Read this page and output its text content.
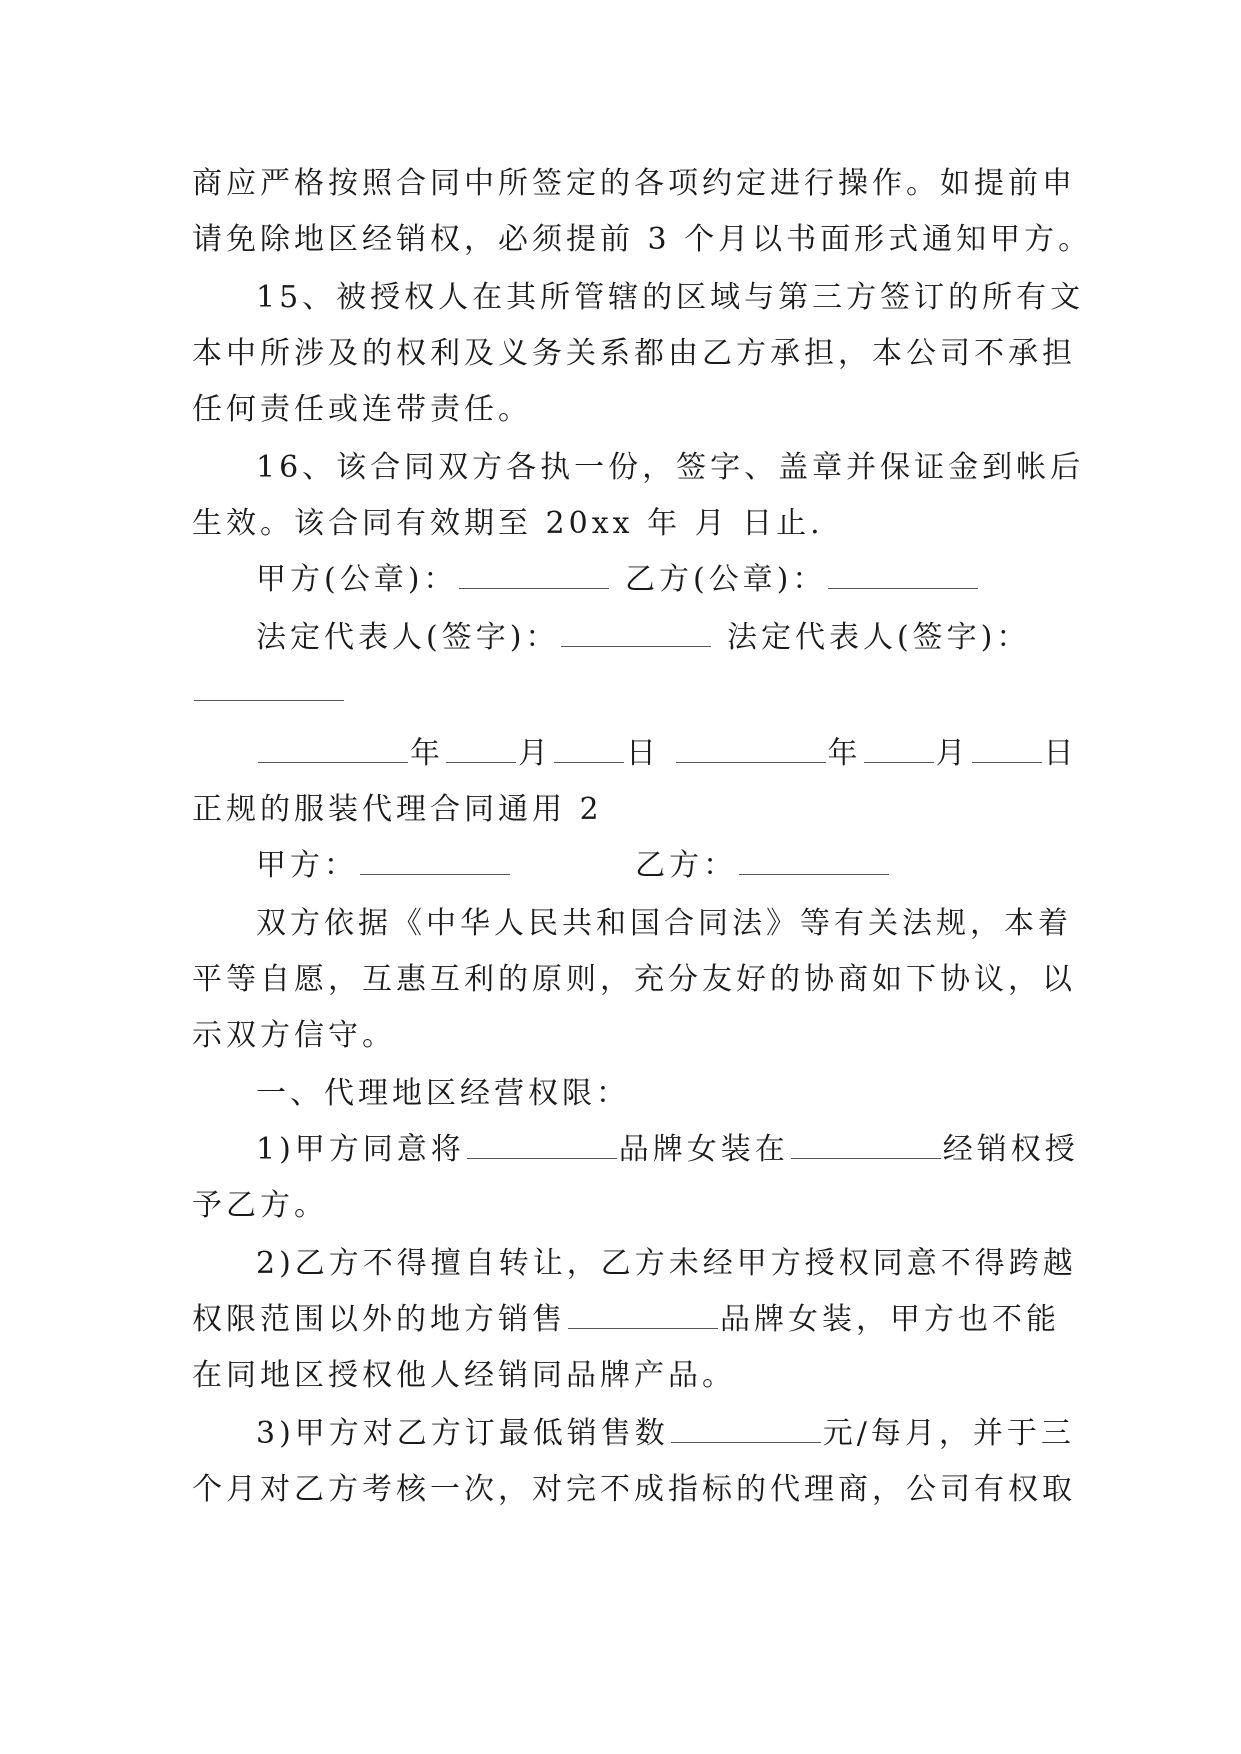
商应严格按照合同中所签定的各项约定进行操作。如提前申
请免除地区经销权，必须提前 3 个月以书面形式通知甲方。
15、被授权人在其所管辖的区域与第三方签订的所有文
本中所涉及的权利及义务关系都由乙方承担，本公司不承担
任何责任或连带责任。
16、该合同双方各执一份，签字、盖章并保证金到帐后
生效。该合同有效期至 20xx 年 月 日止.
甲方(公章)：	乙方(公章)：
法定代表人(签字)：	法定代表人(签字)：
年 月 日	年 月 日
正规的服装代理合同通用 2
甲方：	乙方：
双方依据《中华人民共和国合同法》等有关法规，本着
平等自愿，互惠互利的原则，充分友好的协商如下协议，以
示双方信守。
一、代理地区经营权限：
1)甲方同意将	品牌女装在	经销权授
予乙方。
2)乙方不得擅自转让，乙方未经甲方授权同意不得跨越
权限范围以外的地方销售	品牌女装，甲方也不能
在同地区授权他人经销同品牌产品。
3)甲方对乙方订最低销售数	元/每月，并于三
个月对乙方考核一次，对完不成指标的代理商，公司有权取
